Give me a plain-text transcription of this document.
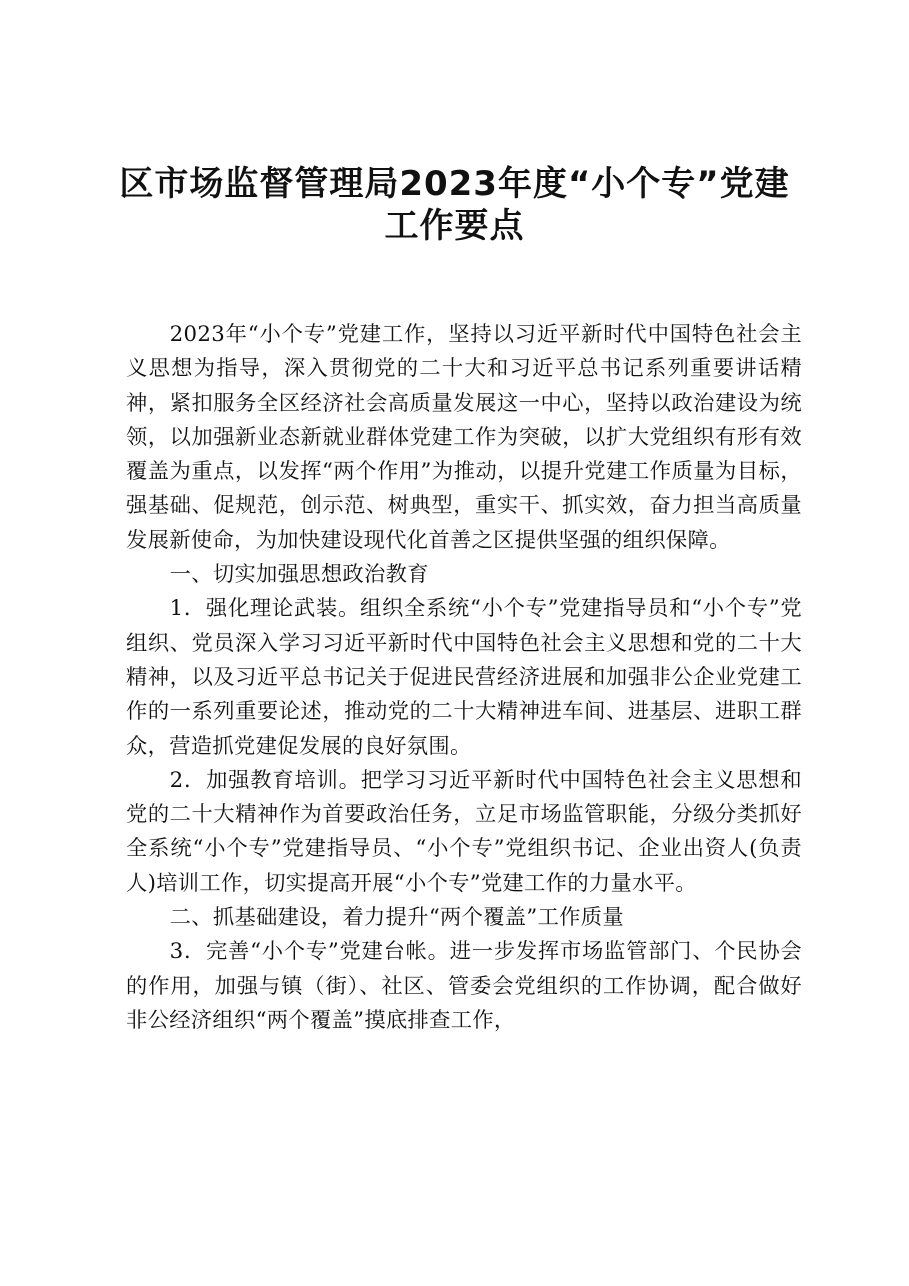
区市场监督管理局2023年度“小个专”党建
工作要点

2023年“小个专”党建工作，坚持以习近平新时代中国特色社会主义思想为指导，深入贯彻党的二十大和习近平总书记系列重要讲话精神，紧扣服务全区经济社会高质量发展这一中心，坚持以政治建设为统领，以加强新业态新就业群体党建工作为突破，以扩大党组织有形有效覆盖为重点，以发挥“两个作用”为推动，以提升党建工作质量为目标，强基础、促规范，创示范、树典型，重实干、抓实效，奋力担当高质量发展新使命，为加快建设现代化首善之区提供坚强的组织保障。

一、切实加强思想政治教育

1．强化理论武装。组织全系统“小个专”党建指导员和“小个专”党组织、党员深入学习习近平新时代中国特色社会主义思想和党的二十大精神，以及习近平总书记关于促进民营经济进展和加强非公企业党建工作的一系列重要论述，推动党的二十大精神进车间、进基层、进职工群众，营造抓党建促发展的良好氛围。

2．加强教育培训。把学习习近平新时代中国特色社会主义思想和党的二十大精神作为首要政治任务，立足市场监管职能，分级分类抓好全系统“小个专”党建指导员、“小个专”党组织书记、企业出资人(负责人)培训工作，切实提高开展“小个专”党建工作的力量水平。

二、抓基础建设，着力提升“两个覆盖”工作质量

3．完善“小个专”党建台帐。进一步发挥市场监管部门、个民协会的作用，加强与镇（街）、社区、管委会党组织的工作协调，配合做好非公经济组织“两个覆盖”摸底排查工作，
